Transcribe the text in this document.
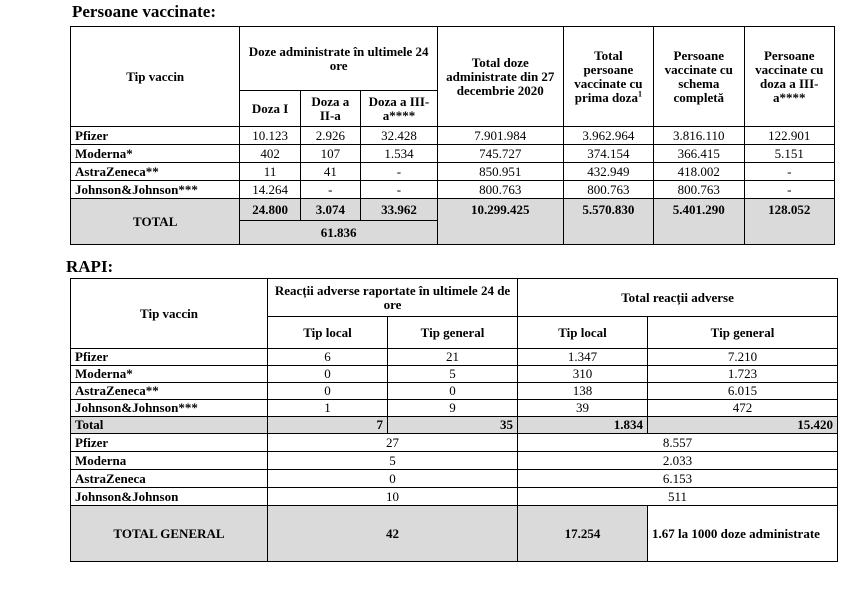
Persoane vaccinate:
Tip vaccin	Doze administrate în ultimele 24 ore			Total doze administrate din 27 decembrie 2020	Total persoane vaccinate cu prima doza$^1$	Persoane vaccinate cu schema completă	Persoane vaccinate cu doza a III-a****
	Doza I	Doza a II-a	Doza a III-a****				
Pfizer	10.123	2.926	32.428	7.901.984	3.962.964	3.816.110	122.901
Moderna*	402	107	1.534	745.727	374.154	366.415	5.151
AstraZeneca**	11	41	-	850.951	432.949	418.002	-
Johnson&Johnson***	14.264	-	-	800.763	800.763	800.763	-
TOTAL	24.800	3.074	33.962	10.299.425	5.570.830	5.401.290	128.052
	61.836						
RAPI:
Tip vaccin	Reacții adverse raportate în ultimele 24 de ore		Total reacții adverse	
	Tip local	Tip general	Tip local	Tip general
Pfizer	6	21	1.347	7.210
Moderna*	0	5	310	1.723
AstraZeneca**	0	0	138	6.015
Johnson&Johnson***	1	9	39	472
Total	7	35	1.834	15.420
Pfizer	27		8.557	
Moderna	5		2.033	
AstraZeneca	0		6.153	
Johnson&Johnson	10		511	
TOTAL GENERAL	42		17.254	1.67 la 1000 doze administrate
